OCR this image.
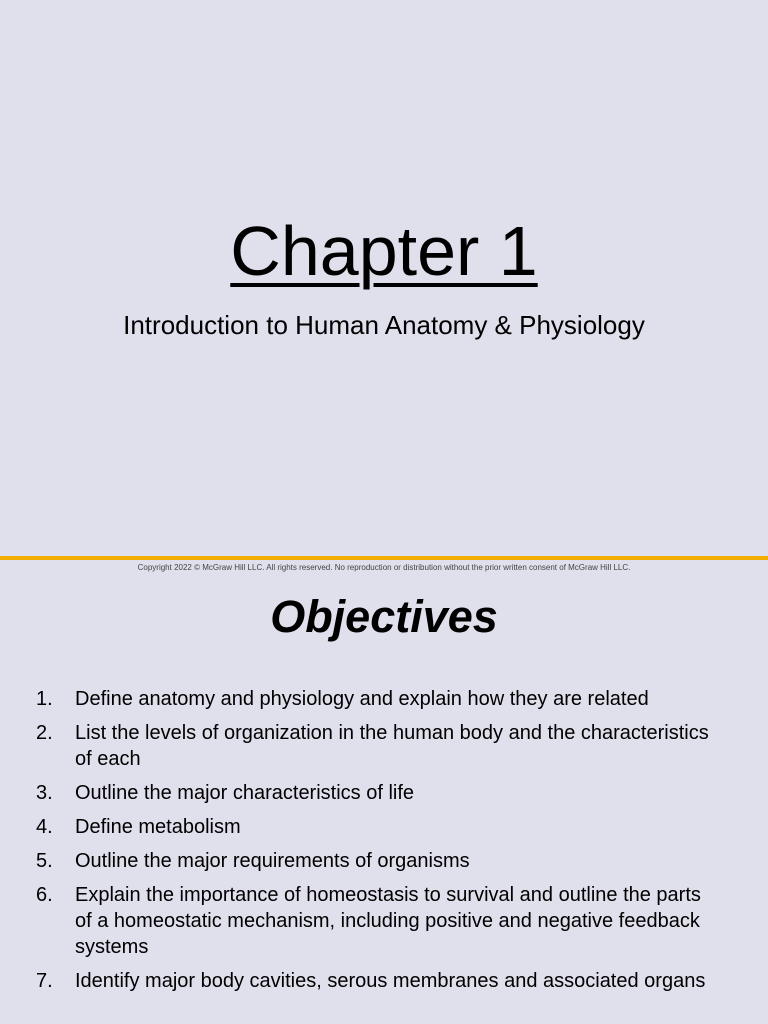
Chapter 1
Introduction to Human Anatomy & Physiology
Copyright 2022 © McGraw Hill LLC. All rights reserved. No reproduction or distribution without the prior written consent of McGraw Hill LLC.
Objectives
1.	Define anatomy and physiology and explain how they are related
2.	List the levels of organization in the human body and the characteristics of each
3.	Outline the major characteristics of life
4.	Define metabolism
5.	Outline the major requirements of organisms
6.	Explain the importance of homeostasis to survival and outline the parts of a homeostatic mechanism, including positive and negative feedback systems
7.	Identify major body cavities, serous membranes and associated organs
